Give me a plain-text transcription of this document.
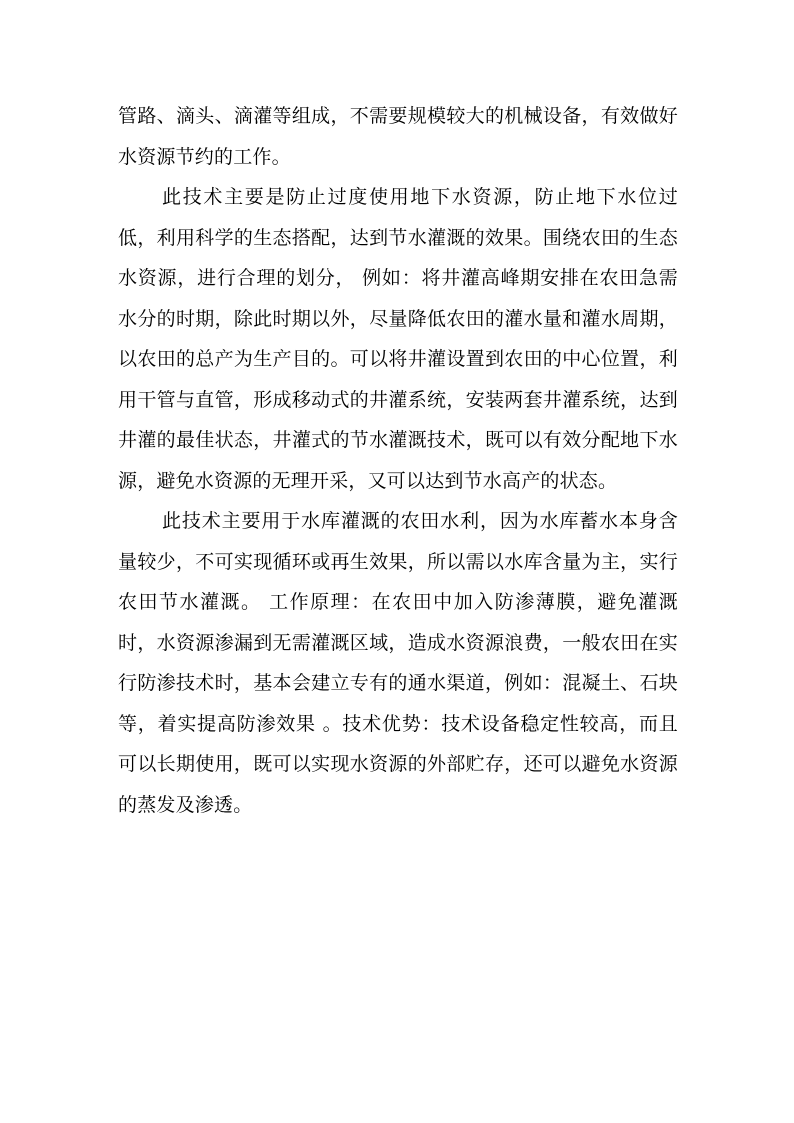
管路、滴头、滴灌等组成，不需要规模较大的机械设备，有效做好水资源节约的工作。

此技术主要是防止过度使用地下水资源，防止地下水位过低，利用科学的生态搭配，达到节水灌溉的效果。围绕农田的生态水资源，进行合理的划分， 例如：将井灌高峰期安排在农田急需水分的时期，除此时期以外，尽量降低农田的灌水量和灌水周期，以农田的总产为生产目的。可以将井灌设置到农田的中心位置，利用干管与直管，形成移动式的井灌系统，安装两套井灌系统，达到井灌的最佳状态，井灌式的节水灌溉技术，既可以有效分配地下水源，避免水资源的无理开采，又可以达到节水高产的状态。

此技术主要用于水库灌溉的农田水利，因为水库蓄水本身含量较少，不可实现循环或再生效果，所以需以水库含量为主，实行农田节水灌溉。 工作原理：在农田中加入防渗薄膜，避免灌溉时，水资源渗漏到无需灌溉区域，造成水资源浪费，一般农田在实行防渗技术时，基本会建立专有的通水渠道，例如：混凝土、石块等，着实提高防渗效果 。技术优势：技术设备稳定性较高，而且可以长期使用，既可以实现水资源的外部贮存，还可以避免水资源的蒸发及渗透。
